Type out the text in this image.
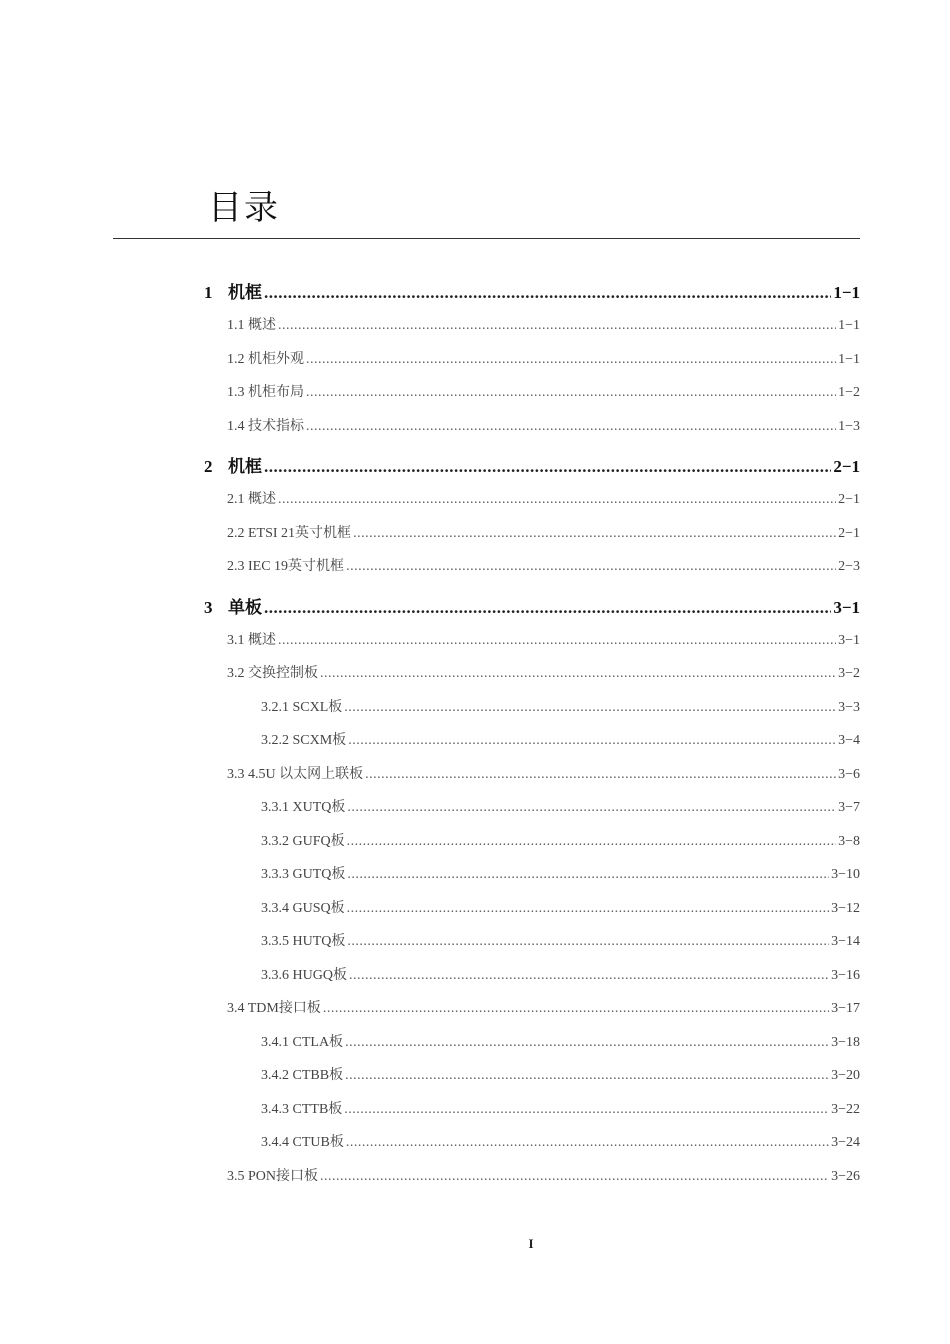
目录
1 机框 .....	1−1
1.1 概述 .....	1−1
1.2 机柜外观 .....	1−1
1.3 机柜布局 .....	1−2
1.4 技术指标 .....	1−3
2 机框 .....	2−1
2.1 概述 .....	2−1
2.2 ETSI 21英寸机框 .....	2−1
2.3 IEC 19英寸机框 .....	2−3
3 单板 .....	3−1
3.1 概述 .....	3−1
3.2 交换控制板 .....	3−2
3.2.1 SCXL板 .....	3−3
3.2.2 SCXM板 .....	3−4
3.3 4.5U 以太网上联板 .....	3−6
3.3.1 XUTQ板 .....	3−7
3.3.2 GUFQ板 .....	3−8
3.3.3 GUTQ板 .....	3−10
3.3.4 GUSQ板 .....	3−12
3.3.5 HUTQ板 .....	3−14
3.3.6 HUGQ板 .....	3−16
3.4 TDM接口板 .....	3−17
3.4.1 CTLA板 .....	3−18
3.4.2 CTBB板 .....	3−20
3.4.3 CTTB板 .....	3−22
3.4.4 CTUB板 .....	3−24
3.5 PON接口板 .....	3−26
I
